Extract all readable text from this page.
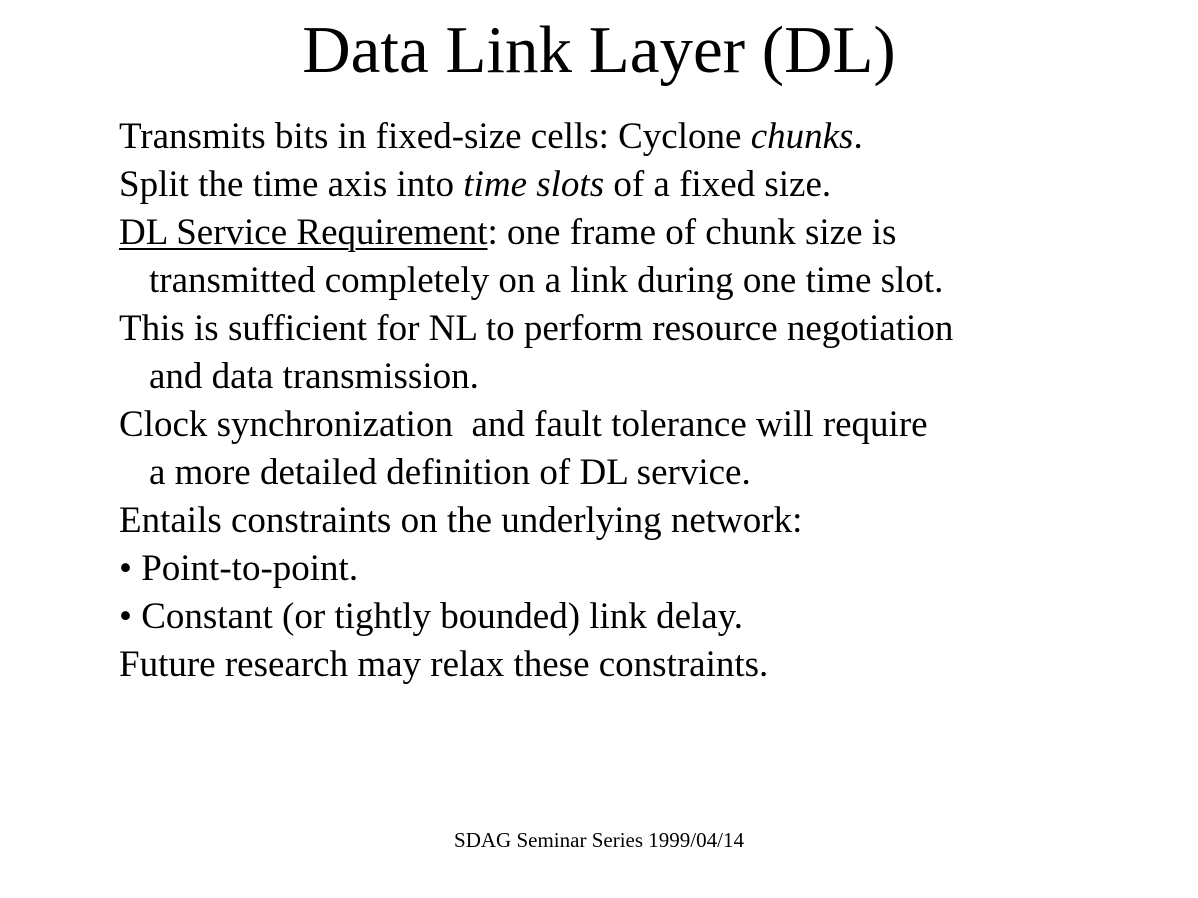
Data Link Layer (DL)
Transmits bits in fixed-size cells: Cyclone chunks.
Split the time axis into time slots of a fixed size.
DL Service Requirement: one frame of chunk size is
transmitted completely on a link during one time slot.
This is sufficient for NL to perform resource negotiation
and data transmission.
Clock synchronization  and fault tolerance will require
a more detailed definition of DL service.
Entails constraints on the underlying network:
• Point-to-point.
• Constant (or tightly bounded) link delay.
Future research may relax these constraints.
SDAG Seminar Series 1999/04/14
